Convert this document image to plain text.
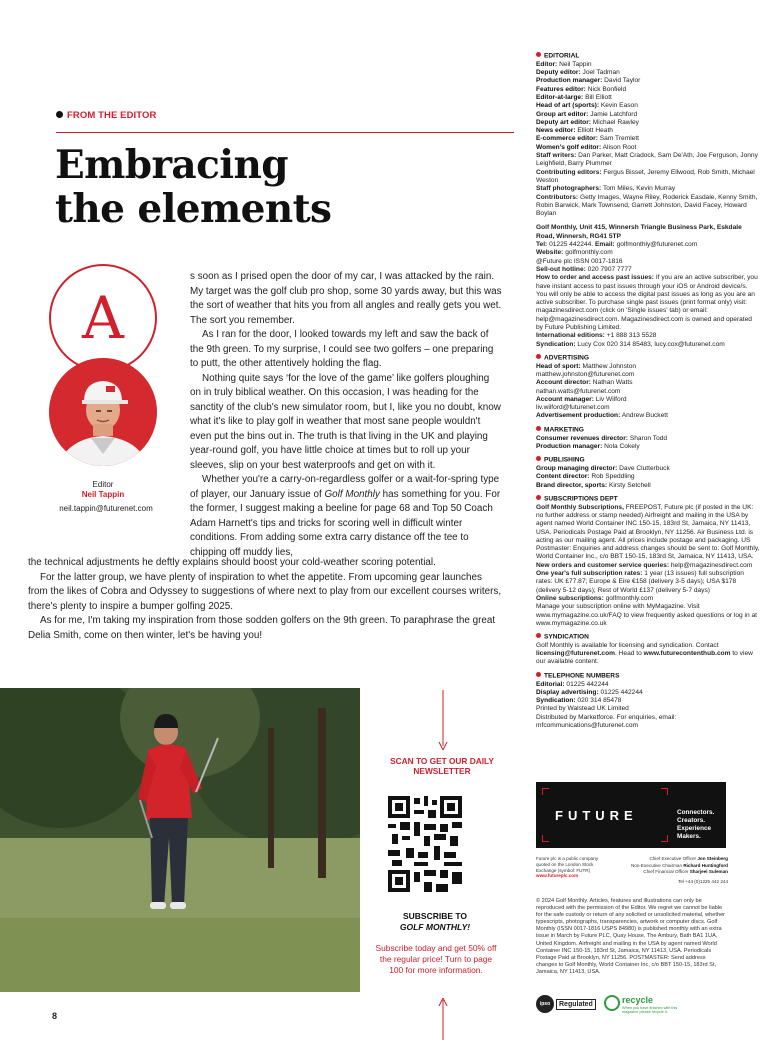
FROM THE EDITOR
Embracing
the elements
A
Editor
Neil Tappin
neil.tappin@futurenet.com

s soon as I prised open the door of my car, I was attacked by the rain. My target was the golf club pro shop, some 30 yards away, but this was the sort of weather that hits you from all angles and really gets you wet. The sort you remember.

As I ran for the door, I looked towards my left and saw the back of the 9th green. To my surprise, I could see two golfers – one preparing to putt, the other attentively holding the flag.

Nothing quite says ‘for the love of the game’ like golfers ploughing on in truly biblical weather. On this occasion, I was heading for the sanctity of the club's new simulator room, but I, like you no doubt, know what it's like to play golf in weather that most sane people wouldn't even put the bins out in. The truth is that living in the UK and playing year-round golf, you have little choice at times but to roll up your sleeves, slip on your best waterproofs and get on with it.

Whether you're a carry-on-regardless golfer or a wait-for-spring type of player, our January issue of Golf Monthly has something for you. For the former, I suggest making a beeline for page 68 and Top 50 Coach Adam Harnett's tips and tricks for scoring well in difficult winter conditions. From adding some extra carry distance off the tee to chipping off muddy lies,

the technical adjustments he deftly explains should boost your cold-weather scoring potential.

For the latter group, we have plenty of inspiration to whet the appetite. From upcoming gear launches from the likes of Cobra and Odyssey to suggestions of where next to play from our excellent courses writers, there's plenty to inspire a bumper golfing 2025.

As for me, I'm taking my inspiration from those sodden golfers on the 9th green. To paraphrase the great Delia Smith, come on then winter, let's be having you!

8
SCAN TO GET OUR DAILY NEWSLETTER
SUBSCRIBE TO
GOLF MONTHLY!
Subscribe today and get 50% off the regular price! Turn to page 100 for more information.
EDITORIAL
Editor: Neil Tappin
Deputy editor: Joel Tadman
Production manager: David Taylor
Features editor: Nick Bonfield
Editor-at-large: Bill Elliott
Head of art (sports): Kevin Eason
Group art editor: Jamie Latchford
Deputy art editor: Michael Rawley
News editor: Elliott Heath
E-commerce editor: Sam Tremlett
Women's golf editor: Alison Root
Staff writers: Dan Parker, Matt Cradock, Sam De'Ath, Joe Ferguson, Jonny Leighfield, Barry Plummer
Contributing editors: Fergus Bisset, Jeremy Ellwood, Rob Smith, Michael Weston
Staff photographers: Tom Miles, Kevin Murray
Contributors: Getty Images, Wayne Riley, Roderick Easdale, Kenny Smith, Robin Barwick, Mark Townsend, Garrett Johnston, David Facey, Howard Boylan
Golf Monthly, Unit 415, Winnersh Triangle Business Park, Eskdale Road, Winnersh, RG41 5TP
Tel: 01225 442244. Email: golfmonthly@futurenet.com
Website: golfmonthly.com
@Future plc ISSN 0017-1816
Sell-out hotline: 020 7907 7777
How to order and access past issues: If you are an active subscriber, you have instant access to past issues through your iOS or Android device/s. You will only be able to access the digital past issues as long as you are an active subscriber. To purchase single past issues (print format only) visit: magazinesdirect.com (click on 'Single issues' tab) or email: help@magazinesdirect.com. Magazinesdirect.com is owned and operated by Future Publishing Limited.
International editions: +1 888 313 5528
Syndication: Lucy Cox 020 314 85483, lucy.cox@futurenet.com
ADVERTISING
Head of sport: Matthew Johnston
matthew.johnston@futurenet.com
Account director: Nathan Watts
nathan.watts@futurenet.com
Account manager: Liv Wilford
liv.wilford@futurenet.com
Advertisement production: Andrew Buckett
MARKETING
Consumer revenues director: Sharon Todd
Production manager: Nola Cokely
PUBLISHING
Group managing director: Dave Clutterbuck
Content director: Rob Speddling
Brand director, sports: Kirsty Setchell
SUBSCRIPTIONS DEPT
Golf Monthly Subscriptions, FREEPOST, Future plc (if posted in the UK: no further address or stamp needed) Airfreight and mailing in the USA by agent named World Container INC 150-15, 183rd St, Jamaica, NY 11413, USA. Periodicals Postage Paid at Brooklyn, NY 11256. Air Business Ltd. is acting as our mailing agent. All prices include postage and packaging. US Postmaster: Enquiries and address changes should be sent to: Golf Monthly, World Container Inc., c/o BBT 150-15, 183rd St, Jamaica, NY 11413, USA.
New orders and customer service queries: help@magazinesdirect.com
One year's full subscription rates: 1 year (13 issues) full subscription rates: UK £77.87; Europe & Eire €158 (delivery 3-5 days); USA $178 (delivery 5-12 days); Rest of World £137 (delivery 5-7 days)
Online subscriptions: golfmonthly.com
Manage your subscription online with MyMagazine. Visit www.mymagazine.co.uk/FAQ to view frequently asked questions or log in at www.mymagazine.co.uk
SYNDICATION
Golf Monthly is available for licensing and syndication. Contact licensing@futurenet.com. Head to www.futurecontenthub.com to view our available content.
TELEPHONE NUMBERS
Editorial: 01225 442244
Display advertising: 01225 442244
Syndication: 020 314 85478
Printed by Walstead UK Limited
Distributed by Marketforce. For enquiries, email: mfcommunications@futurenet.com
FUTURE	Connectors. Creators. Experience Makers.
Future plc is a public company quoted on the London Stock Exchange (symbol: FUTR)
www.futureplc.com
Chief Executive Officer Jon Steinberg
Non-Executive Chairman Richard Huntingford
Chief Financial Officer Sharjeel Suleman
Tel +44 (0)1225 442 244
© 2024 Golf Monthly. Articles, features and illustrations can only be reproduced with the permission of the Editor. We regret we cannot be liable for the safe custody or return of any solicited or unsolicited material, whether typescripts, photographs, transparencies, artwork or computer discs. Golf Monthly (ISSN 0017-1816 USPS 84980) is published monthly with an extra issue in March by Future PLC, Quay House, The Ambury, Bath BA1 1UA, United Kingdom. Airfreight and mailing in the USA by agent named World Container INC 150-15, 183rd St, Jamaica, NY 11413, USA. Periodicals Postage Paid at Brooklyn, NY 11256. POSTMASTER: Send address changes to Golf Monthly, World Container Inc, c/o BBT 150-15, 183rd St, Jamaica, NY 11413, USA.
ipso	Regulated	recycle
When you have finished with this magazine please recycle it.
